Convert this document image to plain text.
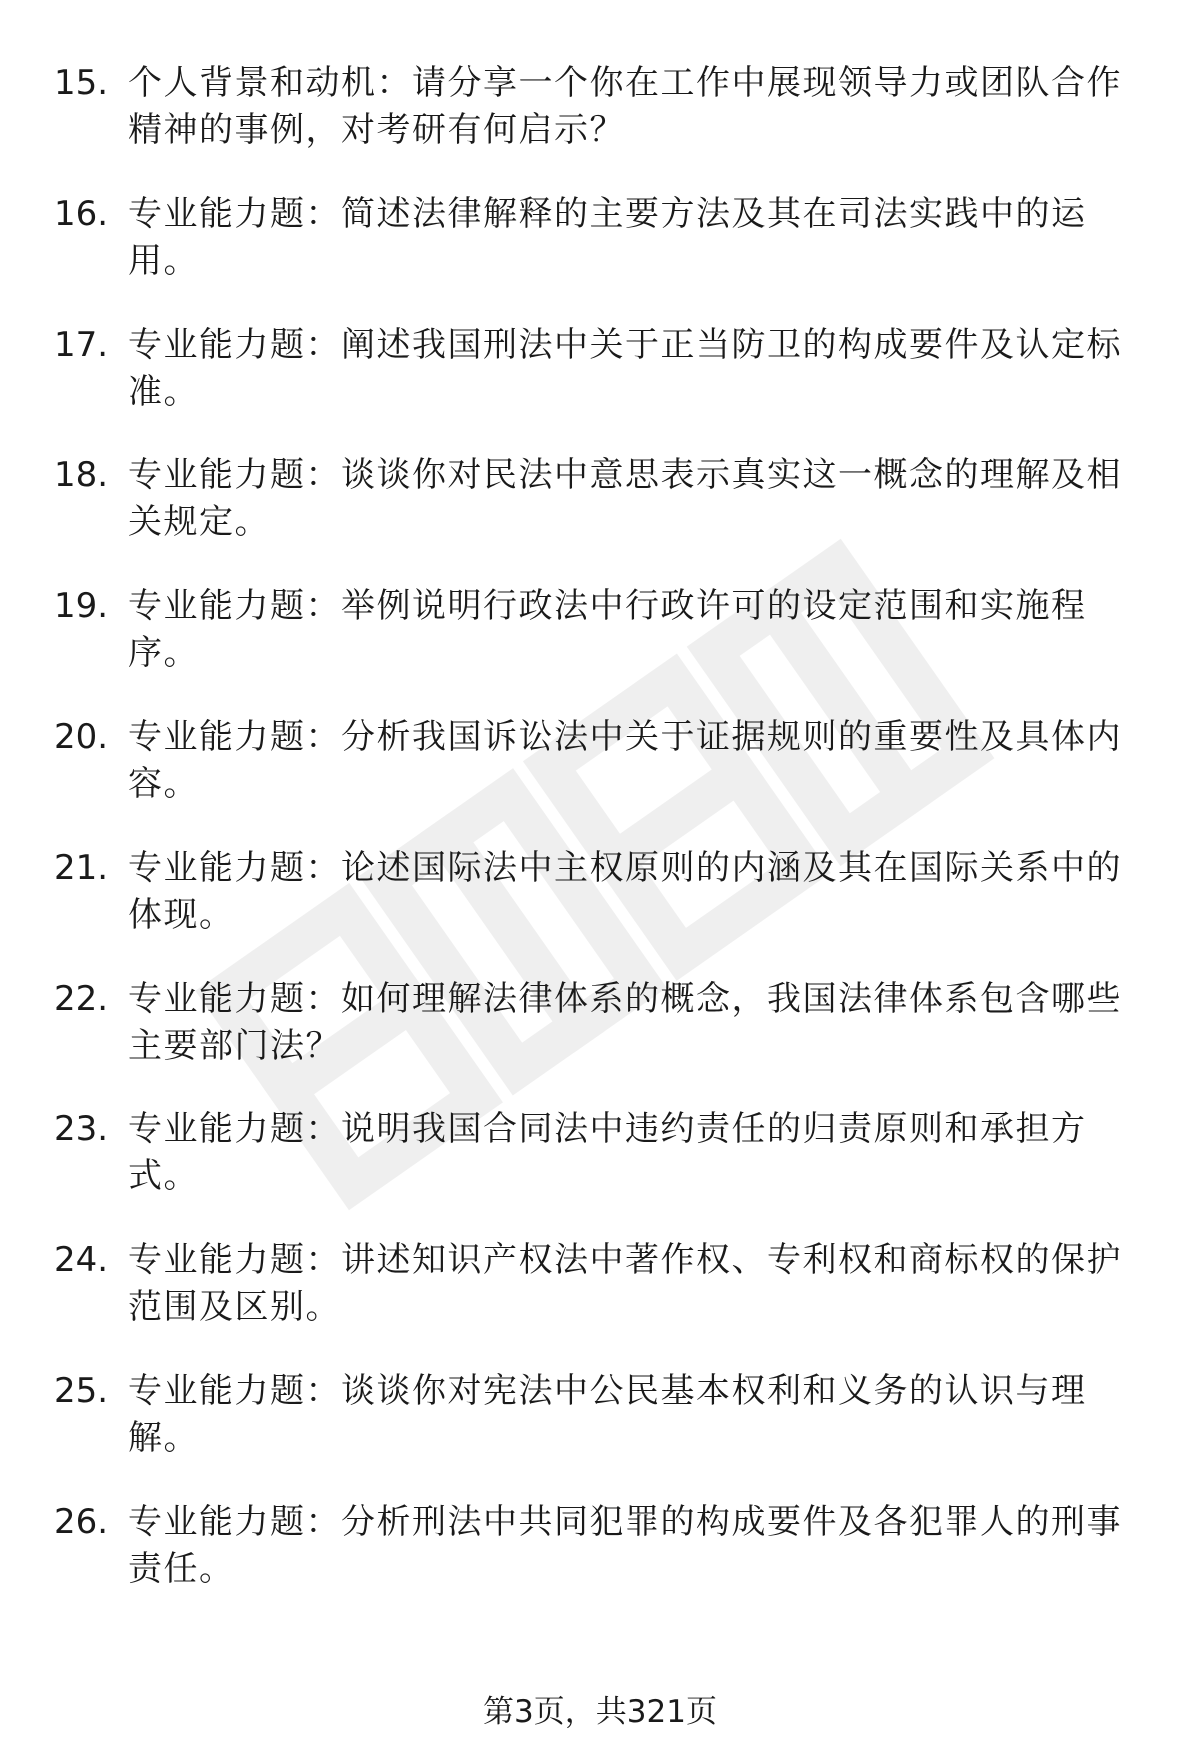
15. 个人背景和动机：请分享一个你在工作中展现领导力或团队合作精神的事例，对考研有何启示？
16. 专业能力题：简述法律解释的主要方法及其在司法实践中的运用。
17. 专业能力题：阐述我国刑法中关于正当防卫的构成要件及认定标准。
18. 专业能力题：谈谈你对民法中意思表示真实这一概念的理解及相关规定。
19. 专业能力题：举例说明行政法中行政许可的设定范围和实施程序。
20. 专业能力题：分析我国诉讼法中关于证据规则的重要性及具体内容。
21. 专业能力题：论述国际法中主权原则的内涵及其在国际关系中的体现。
22. 专业能力题：如何理解法律体系的概念，我国法律体系包含哪些主要部门法？
23. 专业能力题：说明我国合同法中违约责任的归责原则和承担方式。
24. 专业能力题：讲述知识产权法中著作权、专利权和商标权的保护范围及区别。
25. 专业能力题：谈谈你对宪法中公民基本权利和义务的认识与理解。
26. 专业能力题：分析刑法中共同犯罪的构成要件及各犯罪人的刑事责任。
第3页，共321页
